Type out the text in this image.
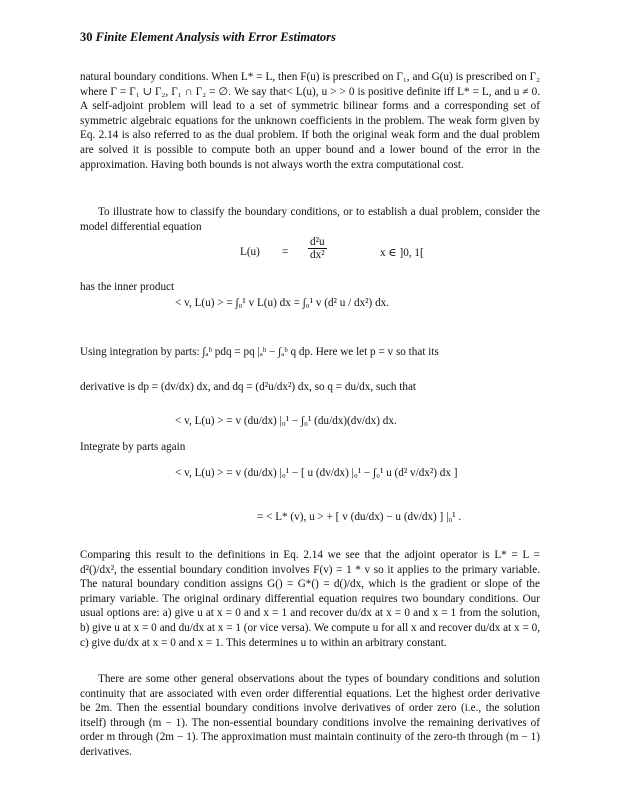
30 Finite Element Analysis with Error Estimators

natural boundary conditions. When L* = L, then F(u) is prescribed on Γ₁, and G(u) is prescribed on Γ₂ where Γ = Γ₁ ∪ Γ₂, Γ₁ ∩ Γ₂ = ∅. We say that< L(u), u > > 0 is positive definite iff L* = L, and u ≠ 0. A self-adjoint problem will lead to a set of symmetric bilinear forms and a corresponding set of symmetric algebraic equations for the unknown coefficients in the problem. The weak form given by Eq. 2.14 is also referred to as the dual problem. If both the original weak form and the dual problem are solved it is possible to compute both an upper bound and a lower bound of the error in the approximation. Having both bounds is not always worth the extra computational cost.

To illustrate how to classify the boundary conditions, or to establish a dual problem, consider the model differential equation

$L(u) = \frac{\text{d²u}}{\text{dx²}}$	x ∈ ]0, 1[

has the inner product

< v, L(u) > = ∫₀¹ v L(u) dx = ∫₀¹ v (d² u / dx²) dx.

Using integration by parts: ∫ₐᵇ pdq = pq |ₐᵇ − ∫ₐᵇ q dp. Here we let p = v so that its

derivative is dp = (dv/dx) dx, and dq = (d²u/dx²) dx, so q = du/dx, such that

< v, L(u) > = v (du/dx) |₀¹ − ∫₀¹ (du/dx)(dv/dx) dx.

Integrate by parts again

< v, L(u) > = v (du/dx) |₀¹ − [ u (dv/dx) |₀¹ − ∫₀¹ u (d² v/dx²) dx ]

= < L* (v), u > + [ v (du/dx) − u (dv/dx) ] |₀¹ .

Comparing this result to the definitions in Eq. 2.14 we see that the adjoint operator is L* = L = d²()/dx², the essential boundary condition involves F(v) = 1 * v so it applies to the primary variable. The natural boundary condition assigns G() = G*() = d()/dx, which is the gradient or slope of the primary variable. The original ordinary differential equation requires two boundary conditions. Our usual options are: a) give u at x = 0 and x = 1 and recover du/dx at x = 0 and x = 1 from the solution, b) give u at x = 0 and du/dx at x = 1 (or vice versa). We compute u for all x and recover du/dx at x = 0, c) give du/dx at x = 0 and x = 1. This determines u to within an arbitrary constant.

There are some other general observations about the types of boundary conditions and solution continuity that are associated with even order differential equations. Let the highest order derivative be 2m. Then the essential boundary conditions involve derivatives of order zero (i.e., the solution itself) through (m − 1). The non-essential boundary conditions involve the remaining derivatives of order m through (2m − 1). The approximation must maintain continuity of the zero-th through (m − 1) derivatives.
